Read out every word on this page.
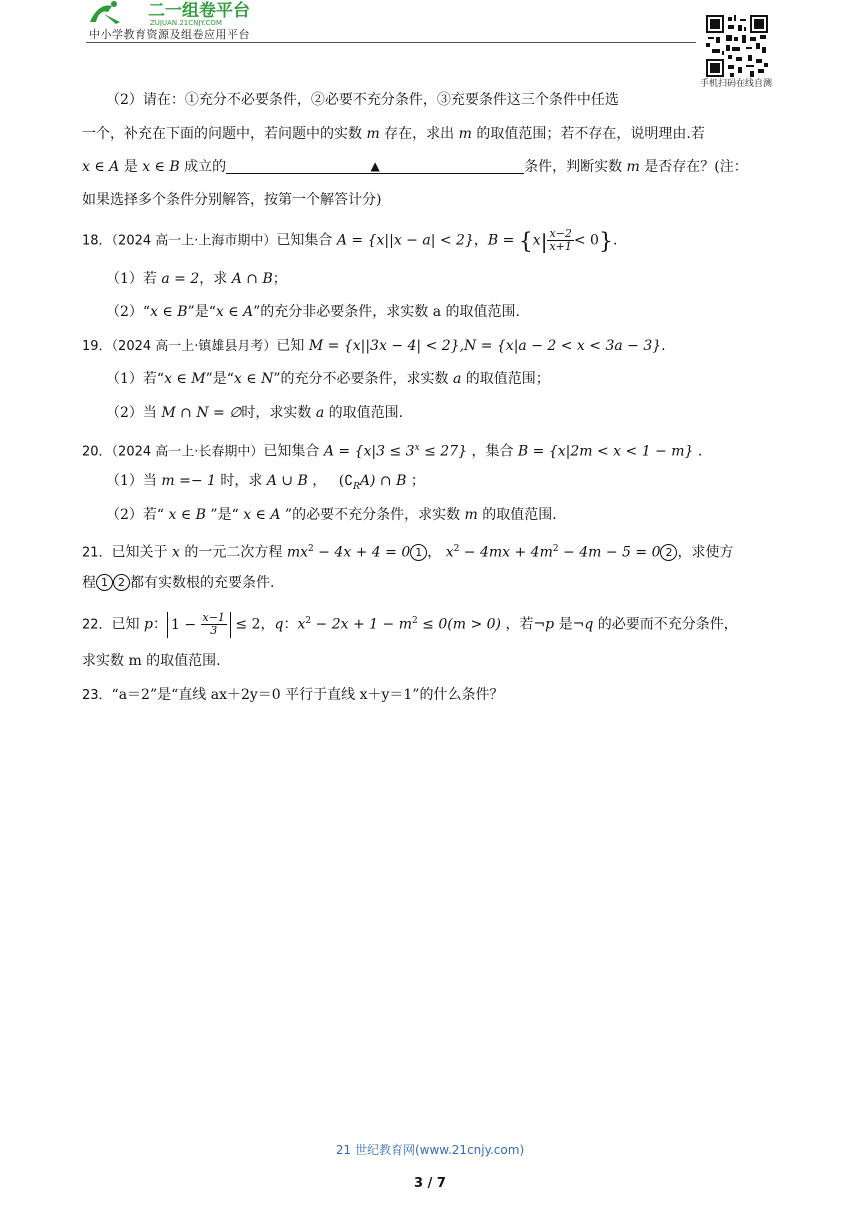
二一组卷平台
ZUJUAN.21CNJY.COM
中小学教育资源及组卷应用平台
手机扫码在线自测
（2）请在：①充分不必要条件，②必要不充分条件，③充要条件这三个条件中任选
一个，补充在下面的问题中，若问题中的实数 m 存在，求出 m 的取值范围；若不存在，说明理由.若
x ∈ A 是 x ∈ B 成立的	▲	条件，判断实数 m 是否存在？(注：
如果选择多个条件分别解答，按第一个解答计分)
18．（2024 高一上·上海市期中）已知集合 A = {x||x − a| < 2}，$B = \{x| \frac{x-2}{x+1} < 0\}$.
（1）若 a = 2，求 A ∩ B；
（2）“x ∈ B”是“x ∈ A”的充分非必要条件，求实数 a 的取值范围.
19．（2024 高一上·镇雄县月考）已知 M = {x||3x − 4| < 2},N = {x|a − 2 < x < 3a − 3}.
（1）若“x ∈ M”是“x ∈ N”的充分不必要条件，求实数 a 的取值范围；
（2）当 M ∩ N = ∅时，求实数 a 的取值范围.
20．（2024 高一上·长春期中）已知集合 $A = \{x|3 \le 3^x \le 27\}$ ，集合 B = {x|2m < x < 1 − m} .
（1）当 m =− 1 时，求 A ∪ B ， $(∁_RA)$ ∩ B ；
（2）若“ x ∈ B ”是“ x ∈ A ”的必要不充分条件，求实数 m 的取值范围.
21．已知关于 x 的一元二次方程 $mx^2 - 4x + 4 = 0$ 1 ， $x^2 - 4mx + 4m^2 - 4m - 5 = 0$ 2 ，求使方
程 1 2 都有实数根的充要条件.
22．已知 p： $1 - \frac{x-1}{3} \le 2$，q：$x^2 - 2x + 1 - m^2 \le 0(m > 0)$ ，若¬p 是¬q 的必要而不充分条件，
求实数 m 的取值范围.
23．“a＝2”是“直线 ax＋2y＝0 平行于直线 x＋y＝1”的什么条件？
21 世纪教育网(www.21cnjy.com)
3 / 7
